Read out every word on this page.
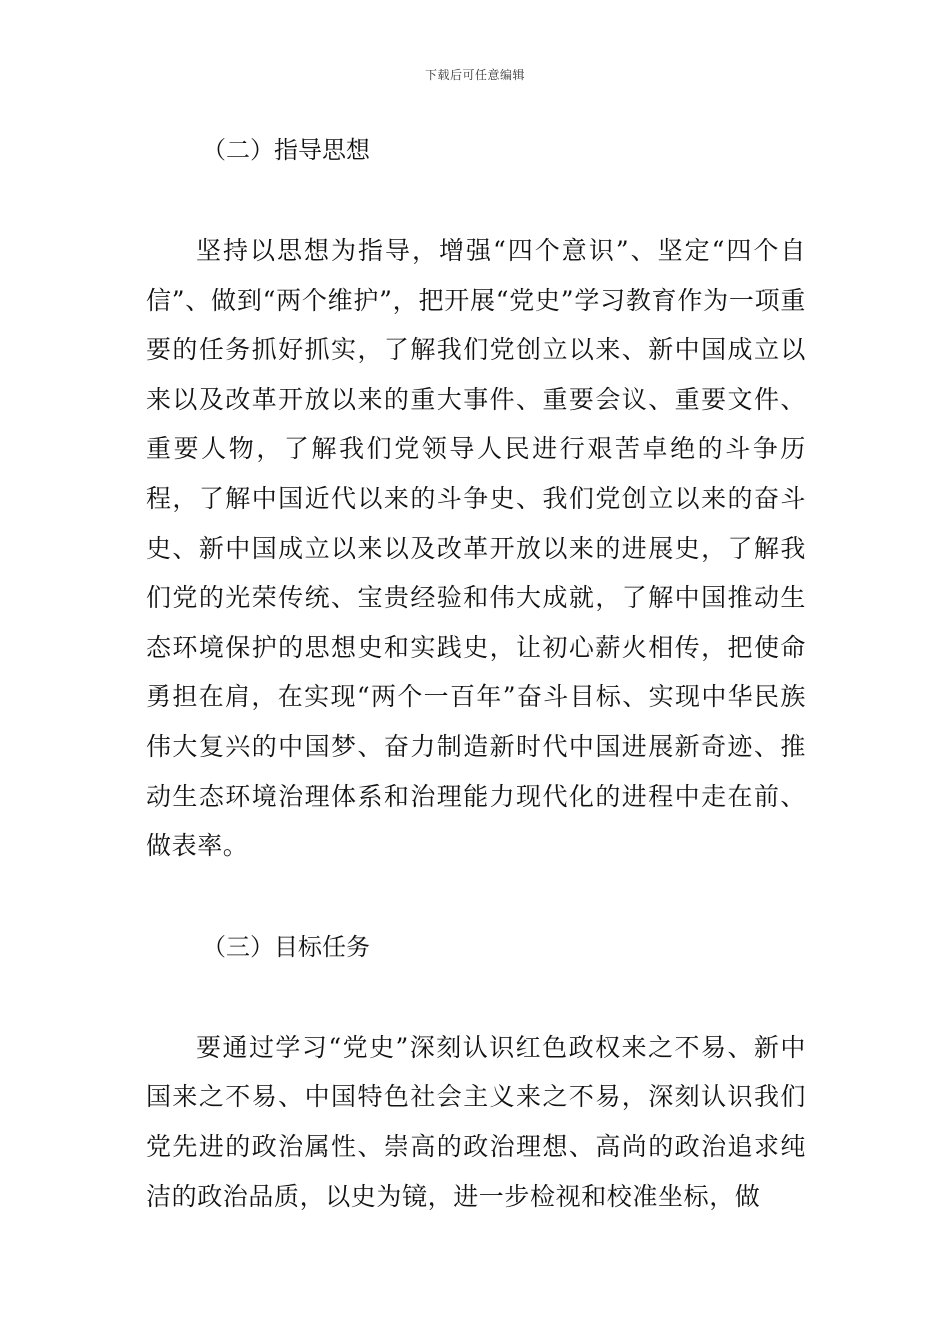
下载后可任意编辑
（二）指导思想

坚持以思想为指导，增强“四个意识”、坚定“四个自信”、做到“两个维护”，把开展“党史”学习教育作为一项重要的任务抓好抓实，了解我们党创立以来、新中国成立以来以及改革开放以来的重大事件、重要会议、重要文件、重要人物，了解我们党领导人民进行艰苦卓绝的斗争历程，了解中国近代以来的斗争史、我们党创立以来的奋斗史、新中国成立以来以及改革开放以来的进展史，了解我们党的光荣传统、宝贵经验和伟大成就，了解中国推动生态环境保护的思想史和实践史，让初心薪火相传，把使命勇担在肩，在实现“两个一百年”奋斗目标、实现中华民族伟大复兴的中国梦、奋力制造新时代中国进展新奇迹、推动生态环境治理体系和治理能力现代化的进程中走在前、做表率。

（三）目标任务

要通过学习“党史”深刻认识红色政权来之不易、新中国来之不易、中国特色社会主义来之不易，深刻认识我们党先进的政治属性、崇高的政治理想、高尚的政治追求纯洁的政治品质，以史为镜，进一步检视和校准坐标，做
